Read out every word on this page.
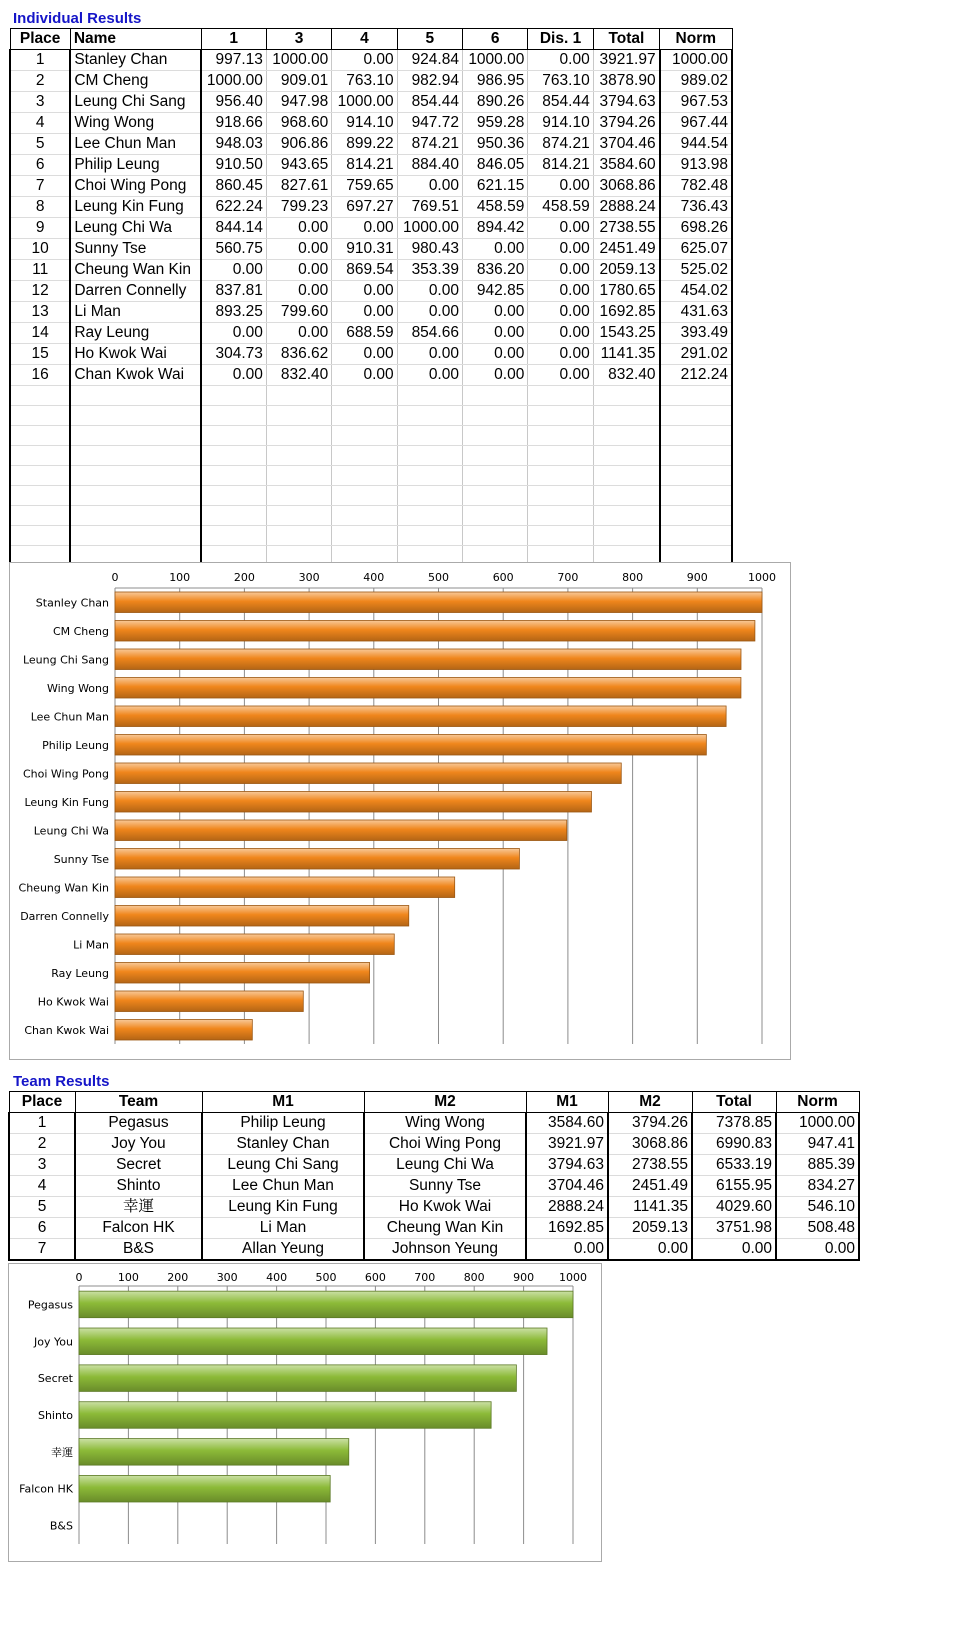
Individual Results
Place	Name	1	3	4	5	6	Dis. 1	Total	Norm
1	Stanley Chan	997.13	1000.00	0.00	924.84	1000.00	0.00	3921.97	1000.00
2	CM Cheng	1000.00	909.01	763.10	982.94	986.95	763.10	3878.90	989.02
3	Leung Chi Sang	956.40	947.98	1000.00	854.44	890.26	854.44	3794.63	967.53
4	Wing Wong	918.66	968.60	914.10	947.72	959.28	914.10	3794.26	967.44
5	Lee Chun Man	948.03	906.86	899.22	874.21	950.36	874.21	3704.46	944.54
6	Philip Leung	910.50	943.65	814.21	884.40	846.05	814.21	3584.60	913.98
7	Choi Wing Pong	860.45	827.61	759.65	0.00	621.15	0.00	3068.86	782.48
8	Leung Kin Fung	622.24	799.23	697.27	769.51	458.59	458.59	2888.24	736.43
9	Leung Chi Wa	844.14	0.00	0.00	1000.00	894.42	0.00	2738.55	698.26
10	Sunny Tse	560.75	0.00	910.31	980.43	0.00	0.00	2451.49	625.07
11	Cheung Wan Kin	0.00	0.00	869.54	353.39	836.20	0.00	2059.13	525.02
12	Darren Connelly	837.81	0.00	0.00	0.00	942.85	0.00	1780.65	454.02
13	Li Man	893.25	799.60	0.00	0.00	0.00	0.00	1692.85	431.63
14	Ray Leung	0.00	0.00	688.59	854.66	0.00	0.00	1543.25	393.49
15	Ho Kwok Wai	304.73	836.62	0.00	0.00	0.00	0.00	1141.35	291.02
16	Chan Kwok Wai	0.00	832.40	0.00	0.00	0.00	0.00	832.40	212.24

0	100	200	300	400	500	600	700	800	900	1000
Stanley Chan
CM Cheng
Leung Chi Sang
Wing Wong
Lee Chun Man
Philip Leung
Choi Wing Pong
Leung Kin Fung
Leung Chi Wa
Sunny Tse
Cheung Wan Kin
Darren Connelly
Li Man
Ray Leung
Ho Kwok Wai
Chan Kwok Wai
Team Results
Place	Team	M1	M2	M1	M2	Total	Norm
1	Pegasus	Philip Leung	Wing Wong	3584.60	3794.26	7378.85	1000.00
2	Joy You	Stanley Chan	Choi Wing Pong	3921.97	3068.86	6990.83	947.41
3	Secret	Leung Chi Sang	Leung Chi Wa	3794.63	2738.55	6533.19	885.39
4	Shinto	Lee Chun Man	Sunny Tse	3704.46	2451.49	6155.95	834.27
5	幸運	Leung Kin Fung	Ho Kwok Wai	2888.24	1141.35	4029.60	546.10
6	Falcon HK	Li Man	Cheung Wan Kin	1692.85	2059.13	3751.98	508.48
7	B&S	Allan Yeung	Johnson Yeung	0.00	0.00	0.00	0.00
0	100	200	300	400	500	600	700	800	900 1000
Pegasus
Joy You
Secret
Shinto
幸運
Falcon HK
B&S
